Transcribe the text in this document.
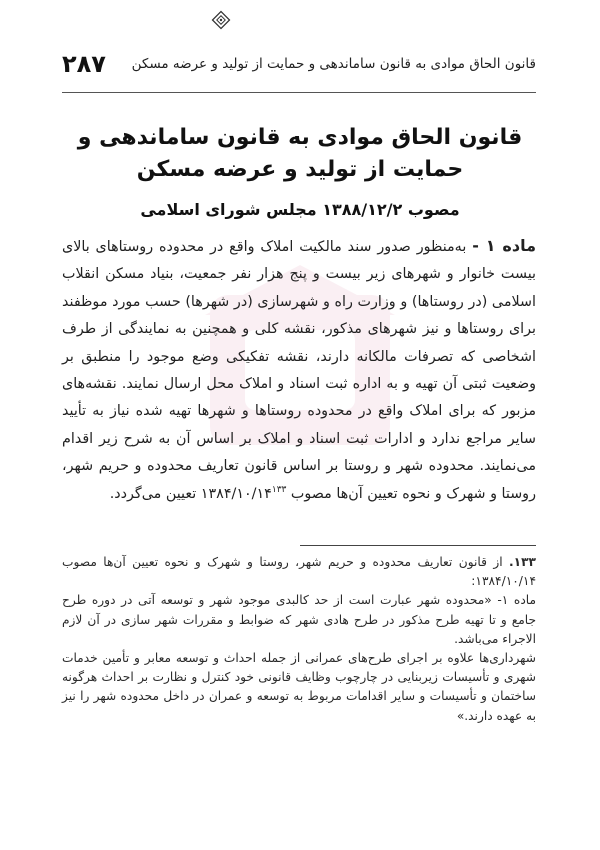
قانون الحاق موادی به قانون ساماندهی و حمایت از تولید و عرضه مسکن
۲۸۷
قانون الحاق موادی به قانون ساماندهی و
حمایت از تولید و عرضه مسکن
مصوب ۱۳۸۸/۱۲/۲ مجلس شورای اسلامی
ماده ۱ - به‌منظور صدور سند مالکیت املاک واقع در محدوده روستاهای بالای بیست خانوار و شهرهای زیر بیست و پنج هزار نفر جمعیت، بنیاد مسکن انقلاب اسلامی (در روستاها) و وزارت راه و شهرسازی (در شهرها) حسب مورد موظفند برای روستاها و نیز شهرهای مذکور، نقشه کلی و همچنین به نمایندگی از طرف اشخاصی که تصرفات مالکانه دارند، نقشه تفکیکی وضع موجود را منطبق بر وضعیت ثبتی آن تهیه و به اداره ثبت اسناد و املاک محل ارسال نمایند. نقشه‌های مزبور که برای املاک واقع در محدوده روستاها و شهرها تهیه شده نیاز به تأیید سایر مراجع ندارد و ادارات ثبت اسناد و املاک بر اساس آن به شرح زیر اقدام می‌نمایند. محدوده شهر و روستا بر اساس قانون تعاریف محدوده و حریم شهر، روستا و شهرک و نحوه تعیین آن‌ها مصوب ۱۳۸۴/۱۰/۱۴$^{۱۳۳}$ تعیین می‌گردد.

۱۳۳. از قانون تعاریف محدوده و حریم شهر، روستا و شهرک و نحوه تعیین آن‌ها مصوب ۱۳۸۴/۱۰/۱۴:

ماده ۱- «محدوده شهر عبارت است از حد کالبدی موجود شهر و توسعه آتی در دوره طرح جامع و تا تهیه طرح مذکور در طرح هادی شهر که ضوابط و مقررات شهر سازی در آن لازم الاجراء می‌باشد.

شهرداری‌ها علاوه بر اجرای طرح‌های عمرانی از جمله احداث و توسعه معابر و تأمین خدمات شهری و تأسیسات زیربنایی در چارچوب وظایف قانونی خود کنترل و نظارت بر احداث هرگونه ساختمان و تأسیسات و سایر اقدامات مربوط به توسعه و عمران در داخل محدوده شهر را نیز به عهده دارند.»
